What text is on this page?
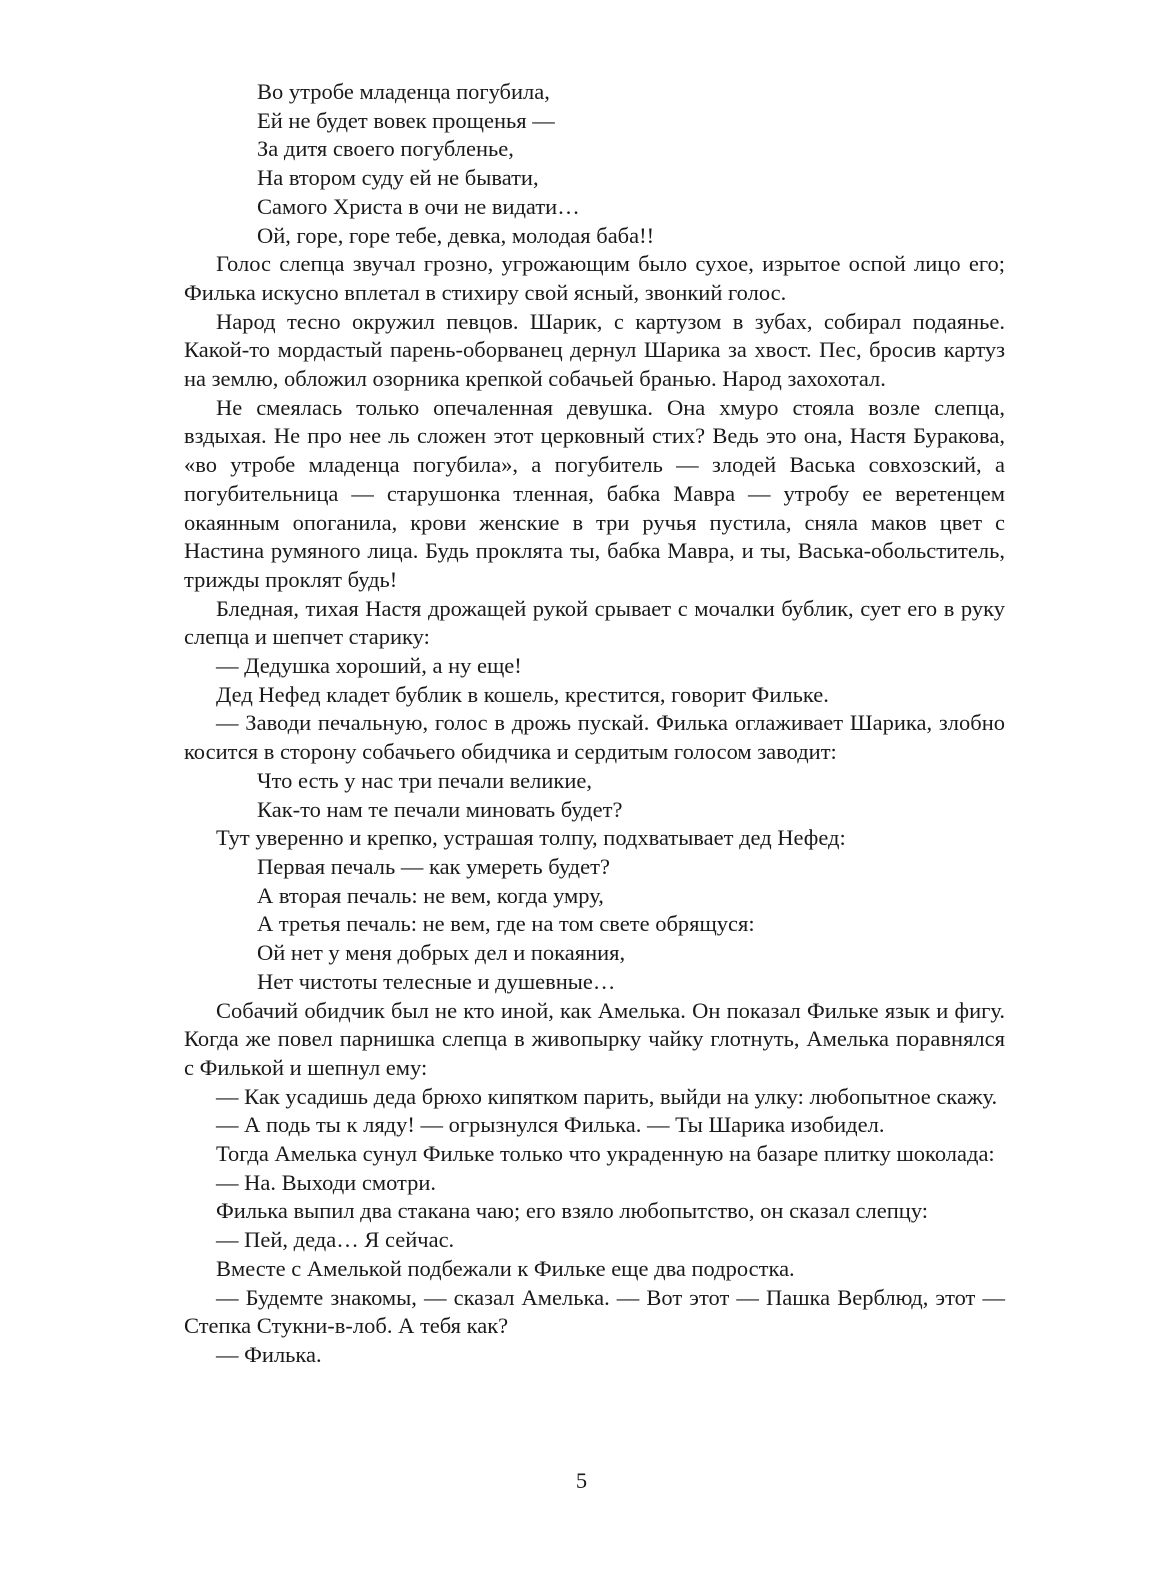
Во утробе младенца погубила,
Ей не будет вовек прощенья —
За дитя своего погубленье,
На втором суду ей не бывати,
Самого Христа в очи не видати…
Ой, горе, горе тебе, девка, молодая баба!!
Голос слепца звучал грозно, угрожающим было сухое, изрытое оспой лицо его; Филька искусно вплетал в стихиру свой ясный, звонкий голос.
Народ тесно окружил певцов. Шарик, с картузом в зубах, собирал подаянье. Какой-то мордастый парень-оборванец дернул Шарика за хвост. Пес, бросив картуз на землю, обложил озорника крепкой собачьей бранью. Народ захохотал.
Не смеялась только опечаленная девушка. Она хмуро стояла возле слепца, вздыхая. Не про нее ль сложен этот церковный стих? Ведь это она, Настя Буракова, «во утробе младенца погубила», а погубитель — злодей Васька совхозский, а погубительница — старушонка тленная, бабка Мавра — утробу ее веретенцем окаянным опоганила, крови женские в три ручья пустила, сняла маков цвет с Настина румяного лица. Будь проклята ты, бабка Мавра, и ты, Васька-обольститель, трижды проклят будь!
Бледная, тихая Настя дрожащей рукой срывает с мочалки бублик, сует его в руку слепца и шепчет старику:
— Дедушка хороший, а ну еще!
Дед Нефед кладет бублик в кошель, крестится, говорит Фильке.
— Заводи печальную, голос в дрожь пускай. Филька оглаживает Шарика, злобно косится в сторону собачьего обидчика и сердитым голосом заводит:
Что есть у нас три печали великие,
Как-то нам те печали миновать будет?
Тут уверенно и крепко, устрашая толпу, подхватывает дед Нефед:
Первая печаль — как умереть будет?
А вторая печаль: не вем, когда умру,
А третья печаль: не вем, где на том свете обрящуся:
Ой нет у меня добрых дел и покаяния,
Нет чистоты телесные и душевные…
Собачий обидчик был не кто иной, как Амелька. Он показал Фильке язык и фигу. Когда же повел парнишка слепца в живопырку чайку глотнуть, Амелька поравнялся с Филькой и шепнул ему:
— Как усадишь деда брюхо кипятком парить, выйди на улку: любопытное скажу.
— А подь ты к ляду! — огрызнулся Филька. — Ты Шарика изобидел.
Тогда Амелька сунул Фильке только что украденную на базаре плитку шоколада:
— На. Выходи смотри.
Филька выпил два стакана чаю; его взяло любопытство, он сказал слепцу:
— Пей, деда… Я сейчас.
Вместе с Амелькой подбежали к Фильке еще два подростка.
— Будемте знакомы, — сказал Амелька. — Вот этот — Пашка Верблюд, этот — Степка Стукни-в-лоб. А тебя как?
— Филька.
5
